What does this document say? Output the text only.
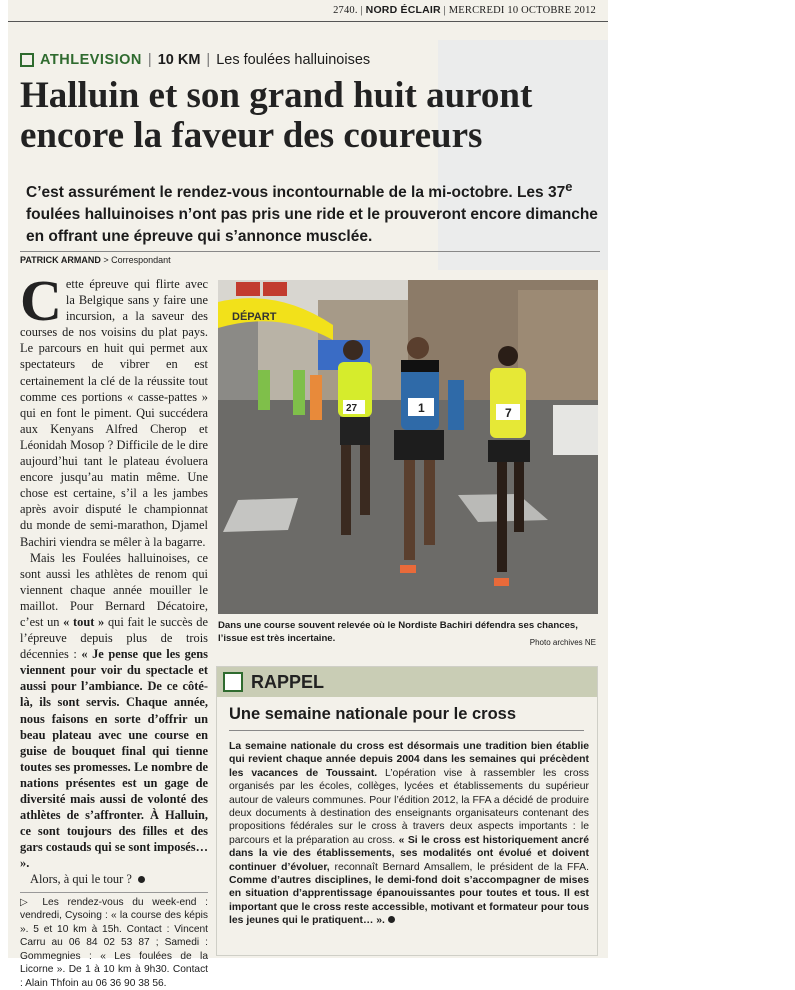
2740. | NORD ÉCLAIR | MERCREDI 10 OCTOBRE 2012
ATHLEVISION | 10 KM | Les foulées halluinoises
Halluin et son grand huit auront encore la faveur des coureurs

C’est assurément le rendez-vous incontournable de la mi-octobre. Les 37e foulées halluinoises n’ont pas pris une ride et le prouveront encore dimanche en offrant une épreuve qui s’annonce musclée.

PATRICK ARMAND > Correspondant

Cette épreuve qui flirte avec la Belgique sans y faire une incursion, a la saveur des courses de nos voisins du plat pays. Le parcours en huit qui permet aux spectateurs de vibrer en est certainement la clé de la réussite tout comme ces portions « casse-pattes » qui en font le piment. Qui succédera aux Kenyans Alfred Cherop et Léonidah Mosop ? Difficile de le dire aujourd’hui tant le plateau évoluera encore jusqu’au matin même. Une chose est certaine, s’il a les jambes après avoir disputé le championnat du monde de semi-marathon, Djamel Bachiri viendra se mêler à la bagarre.

Mais les Foulées halluinoises, ce sont aussi les athlètes de renom qui viennent chaque année mouiller le maillot. Pour Bernard Décatoire, c’est un « tout » qui fait le succès de l’épreuve depuis plus de trois décennies : « Je pense que les gens viennent pour voir du spectacle et aussi pour l’ambiance. De ce côté-là, ils sont servis. Chaque année, nous faisons en sorte d’offrir un beau plateau avec une course en guise de bouquet final qui tienne toutes ses promesses. Le nombre de nations présentes est un gage de diversité mais aussi de volonté des athlètes de s’affronter. À Halluin, ce sont toujours des filles et des gars costauds qui se sont imposés… ».

Alors, à qui le tour ?

▷ Les rendez-vous du week-end : vendredi, Cysoing : « la course des képis ». 5 et 10 km à 15h. Contact : Vincent Carru au 06 84 02 53 87 ; Samedi : Gommegnies : « Les foulées de la Licorne ». De 1 à 10 km à 9h30. Contact : Alain Thfoin au 06 36 90 38 56.
DÉPART
27	1	7
Dans une course souvent relevée où le Nordiste Bachiri défendra ses chances, l’issue est très incertaine.	Photo archives NE
RAPPEL
Une semaine nationale pour le cross
La semaine nationale du cross est désormais une tradition bien établie qui revient chaque année depuis 2004 dans les semaines qui précèdent les vacances de Toussaint. L’opération vise à rassembler les cross organisés par les écoles, collèges, lycées et établissements du supérieur autour de valeurs communes. Pour l’édition 2012, la FFA a décidé de produire deux documents à destination des enseignants organisateurs contenant des propositions fédérales sur le cross à travers deux aspects importants : le parcours et la préparation au cross. « Si le cross est historiquement ancré dans la vie des établissements, ses modalités ont évolué et doivent continuer d’évoluer, reconnaît Bernard Amsallem, le président de la FFA. Comme d’autres disciplines, le demi-fond doit s’accompagner de mises en situation d’apprentissage épanouissantes pour toutes et tous. Il est important que le cross reste accessible, motivant et formateur pour tous les jeunes qui le pratiquent… ».
